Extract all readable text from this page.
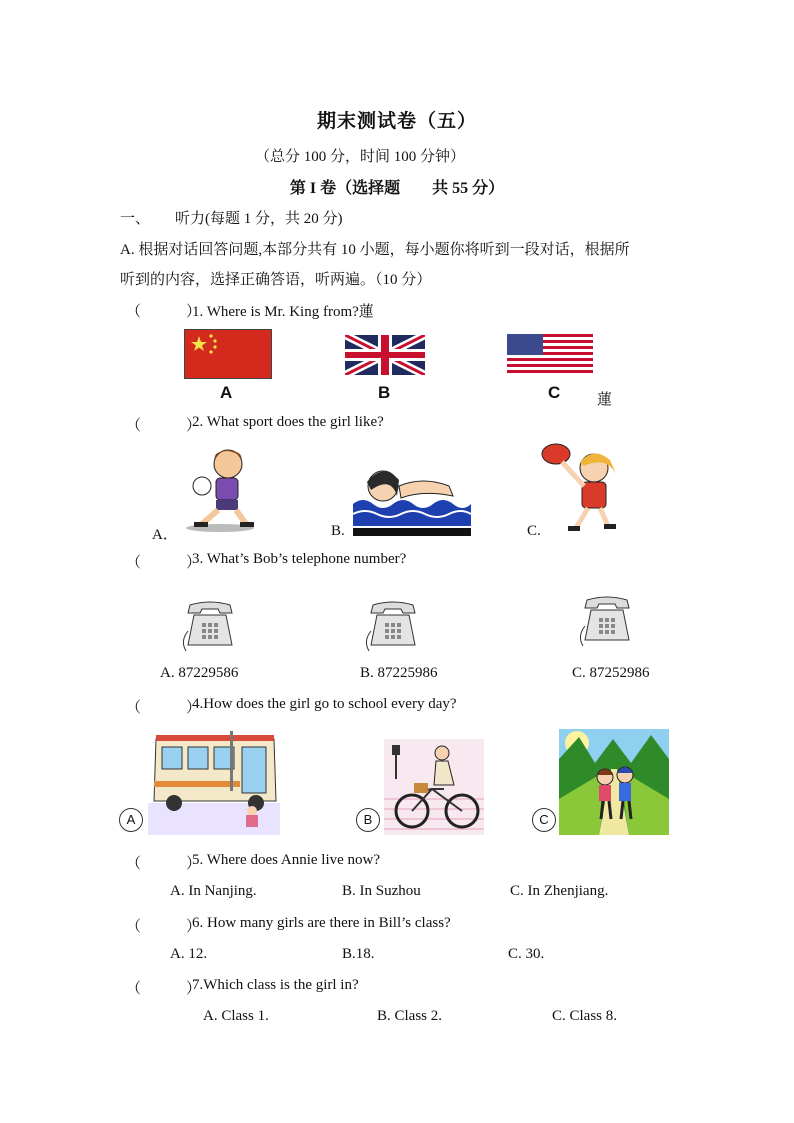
期末测试卷（五）
（总分 100 分，时间 100 分钟）
第 I 卷（选择题　　共 55 分）
一、 听力(每题 1 分，共 20 分)
A. 根据对话回答问题,本部分共有 10 小题，每小题你将听到一段对话，根据所
听到的内容，选择正确答语，听两遍。（10 分）
（　　　）
1. Where is Mr. King from?蓮
A	B	C 蓮
（　　　）
2. What sport does the girl like?
A．	B.	C.
（　　　）
3. What’s Bob’s telephone number?
A. 87229586	B. 87225986	C. 87252986
（　　　）
4.How does the girl go to school every day?
A	B	C
（　　　）
5. Where does Annie live now?
A. In Nanjing.	B. In Suzhou	C. In Zhenjiang.
（　　　）
6. How many girls are there in Bill’s class?
A. 12.	B.18.	C. 30.
（　　　）
7.Which class is the girl in?
A. Class 1.	B. Class 2.	C. Class 8.
